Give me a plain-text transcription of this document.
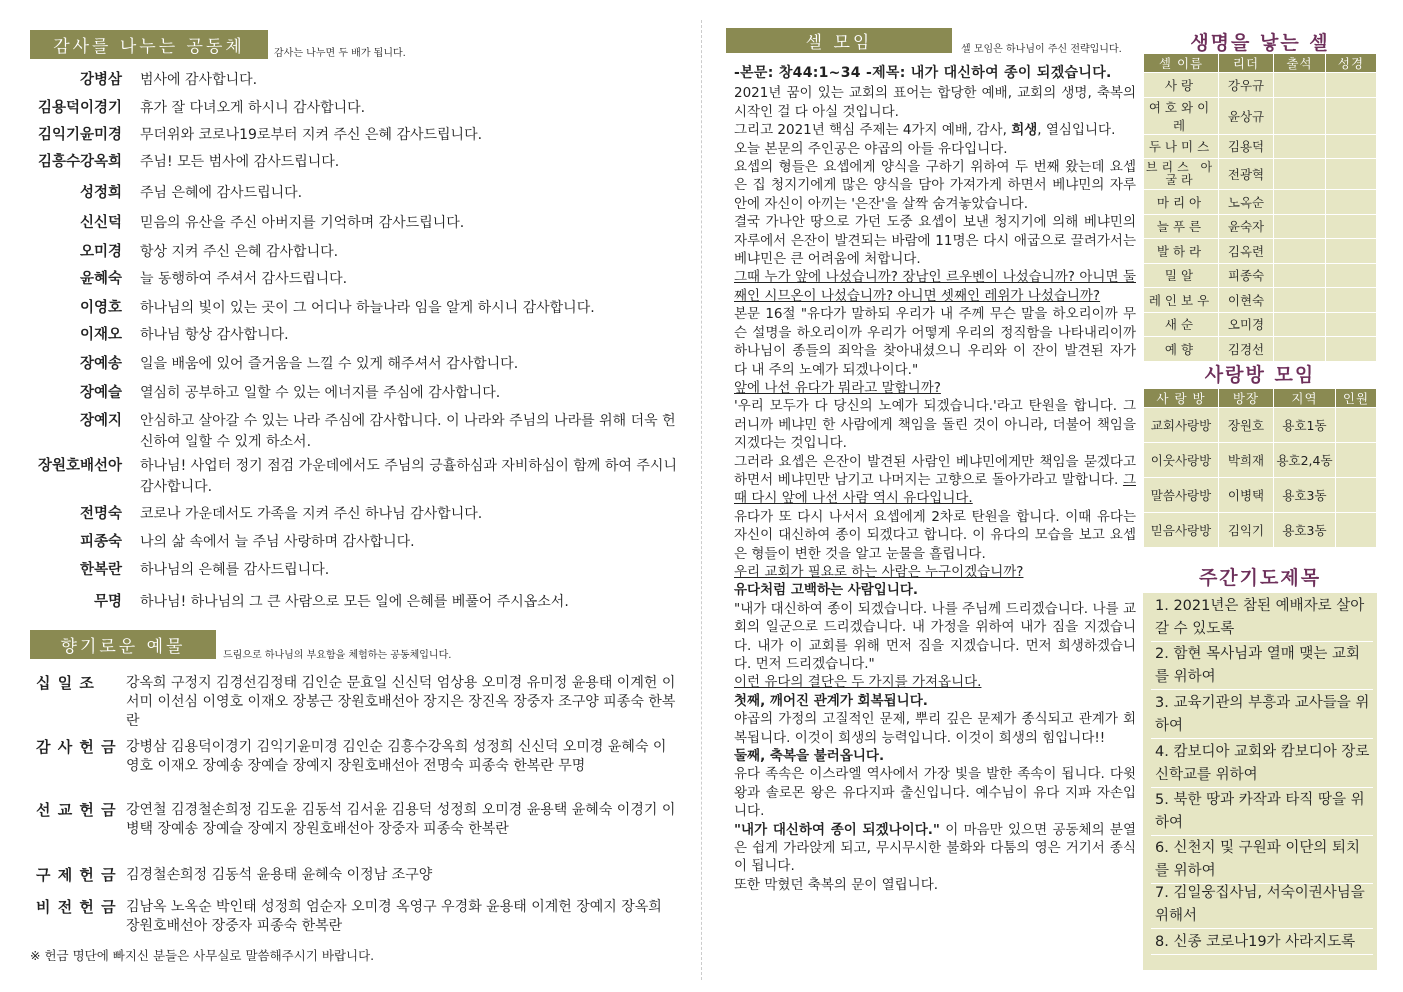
감사를 나누는 공동체	감사는 나누면 두 배가 됩니다.
강병삼 범사에 감사합니다.
김용덕이경기 휴가 잘 다녀오게 하시니 감사합니다.
김익기윤미경 무더위와 코로나19로부터 지켜 주신 은혜 감사드립니다.
김흥수강옥희 주님! 모든 범사에 감사드립니다.
성정희 주님 은혜에 감사드립니다.
신신덕 믿음의 유산을 주신 아버지를 기억하며 감사드립니다.
오미경 항상 지켜 주신 은혜 감사합니다.
윤혜숙 늘 동행하여 주셔서 감사드립니다.
이영호 하나님의 빛이 있는 곳이 그 어디나 하늘나라 임을 알게 하시니 감사합니다.
이재오 하나님 항상 감사합니다.
장예송 일을 배움에 있어 즐거움을 느낄 수 있게 해주셔서 감사합니다.
장예슬 열심히 공부하고 일할 수 있는 에너지를 주심에 감사합니다.
장예지 안심하고 살아갈 수 있는 나라 주심에 감사합니다. 이 나라와 주님의 나라를 위해 더욱 헌신하여 일할 수 있게 하소서.
장원호배선아 하나님! 사업터 정기 점검 가운데에서도 주님의 긍휼하심과 자비하심이 함께 하여 주시니 감사합니다.
전명숙 코로나 가운데서도 가족을 지켜 주신 하나님 감사합니다.
피종숙 나의 삶 속에서 늘 주님 사랑하며 감사합니다.
한복란 하나님의 은혜를 감사드립니다.
무명 하나님! 하나님의 그 큰 사람으로 모든 일에 은혜를 베풀어 주시옵소서.
향기로운 예물	드림으로 하나님의 부요함을 체험하는 공동체입니다.
십 일 조	강옥희 구정지 김경선김정태 김인순 문효일 신신덕 엄상용 오미경 유미정 윤용태 이계헌 이서미 이선심 이영호 이재오 장봉근 장원호배선아 장지은 장진옥 장중자 조구양 피종숙 한복란
감 사 헌 금 강병삼 김용덕이경기 김익기윤미경 김인순 김흥수강옥희 성정희 신신덕 오미경 윤혜숙 이영호 이재오 장예송 장예슬 장예지 장원호배선아 전명숙 피종숙 한복란 무명
선 교 헌 금 강연철 김경철손희정 김도윤 김동석 김서윤 김용덕 성정희 오미경 윤용택 윤혜숙 이경기 이병택 장예송 장예슬 장예지 장원호배선아 장중자 피종숙 한복란
구 제 헌 금 김경철손희정 김동석 윤용태 윤혜숙 이정남 조구양
비 전 헌 금 김남옥 노옥순 박인태 성정희 엄순자 오미경 옥영구 우경화 윤용태 이계헌 장예지 장옥희 장원호배선아 장중자 피종숙 한복란
※ 헌금 명단에 빠지신 분들은 사무실로 말씀해주시기 바랍니다.
셀 모임	셀 모임은 하나님이 주신 전략입니다.
-본문: 창44:1~34 -제목: 내가 대신하여 종이 되겠습니다.

2021년 꿈이 있는 교회의 표어는 합당한 예배, 교회의 생명, 축복의 시작인 걸 다 아실 것입니다.

그리고 2021년 핵심 주제는 4가지 예배, 감사, 희생, 열심입니다.

오늘 본문의 주인공은 야곱의 아들 유다입니다.

요셉의 형들은 요셉에게 양식을 구하기 위하여 두 번째 왔는데 요셉은 집 청지기에게 많은 양식을 담아 가져가게 하면서 베냐민의 자루 안에 자신이 아끼는 '은잔'을 살짝 숨겨놓았습니다.

결국 가나안 땅으로 가던 도중 요셉이 보낸 청지기에 의해 베냐민의 자루에서 은잔이 발견되는 바람에 11명은 다시 애굽으로 끌려가서는 베냐민은 큰 어려움에 처합니다.

그때 누가 앞에 나섰습니까? 장남인 르우벤이 나섰습니까? 아니면 둘째인 시므온이 나섰습니까? 아니면 셋째인 레위가 나섰습니까?

본문 16절 "유다가 말하되 우리가 내 주께 무슨 말을 하오리이까 무슨 설명을 하오리이까 우리가 어떻게 우리의 정직함을 나타내리이까 하나님이 종들의 죄악을 찾아내셨으니 우리와 이 잔이 발견된 자가 다 내 주의 노예가 되겠나이다."

앞에 나선 유다가 뭐라고 말합니까?

'우리 모두가 다 당신의 노예가 되겠습니다.'라고 탄원을 합니다. 그러니까 베냐민 한 사람에게 책임을 돌린 것이 아니라, 더불어 책임을 지겠다는 것입니다.

그러라 요셉은 은잔이 발견된 사람인 베냐민에게만 책임을 묻겠다고 하면서 베냐민만 남기고 나머지는 고향으로 돌아가라고 말합니다. 그때 다시 앞에 나선 사람 역시 유다입니다.

유다가 또 다시 나서서 요셉에게 2차로 탄원을 합니다. 이때 유다는 자신이 대신하여 종이 되겠다고 합니다. 이 유다의 모습을 보고 요셉은 형들이 변한 것을 알고 눈물을 흘립니다.

우리 교회가 필요로 하는 사람은 누구이겠습니까?

유다처럼 고백하는 사람입니다.

"내가 대신하여 종이 되겠습니다. 나를 주님께 드리겠습니다. 나를 교회의 일군으로 드리겠습니다. 내 가정을 위하여 내가 짐을 지겠습니다. 내가 이 교회를 위해 먼저 짐을 지겠습니다. 먼저 희생하겠습니다. 먼저 드리겠습니다."

이런 유다의 결단은 두 가지를 가져옵니다.

첫째, 깨어진 관계가 회복됩니다.

야곱의 가정의 고질적인 문제, 뿌리 깊은 문제가 종식되고 관계가 회복됩니다. 이것이 희생의 능력입니다. 이것이 희생의 힘입니다!!

둘째, 축복을 불러옵니다.

유다 족속은 이스라엘 역사에서 가장 빛을 발한 족속이 됩니다. 다윗 왕과 솔로몬 왕은 유다지파 출신입니다. 예수님이 유다 지파 자손입니다.

"내가 대신하여 종이 되겠나이다." 이 마음만 있으면 공동체의 분열은 쉽게 가라앉게 되고, 무시무시한 불화와 다툼의 영은 거기서 종식이 됩니다.

또한 막혔던 축복의 문이 열립니다.

생명을 낳는 셀
셀 이름	리더	출석	성경
사랑	강우규		
여호와이레	윤상규		
두나미스	김용덕		
브리스 아굴라	전광혁		
마리아	노옥순		
늘푸른	윤숙자		
발하라	김옥련		
밀알	피종숙		
레인보우	이현숙		
새순	오미경		
예향	김경선		
사랑방 모임
사 랑 방	방장	지역	인원
교회사랑방	장원호	용호1동	
이웃사랑방	박희재	용호2,4동	
말씀사랑방	이병택	용호3동	
믿음사랑방	김익기	용호3동	
주간기도제목
1. 2021년은 참된 예배자로 살아갈 수 있도록
2. 함현 목사님과 열매 맺는 교회를 위하여
3. 교육기관의 부흥과 교사들을 위하여
4. 캄보디아 교회와 캄보디아 장로신학교를 위하여
5. 북한 땅과 카작과 타직 땅을 위하여
6. 신천지 및 구원파 이단의 퇴치를 위하여
7. 김일웅집사님, 서숙이권사님을 위해서
8. 신종 코로나19가 사라지도록
